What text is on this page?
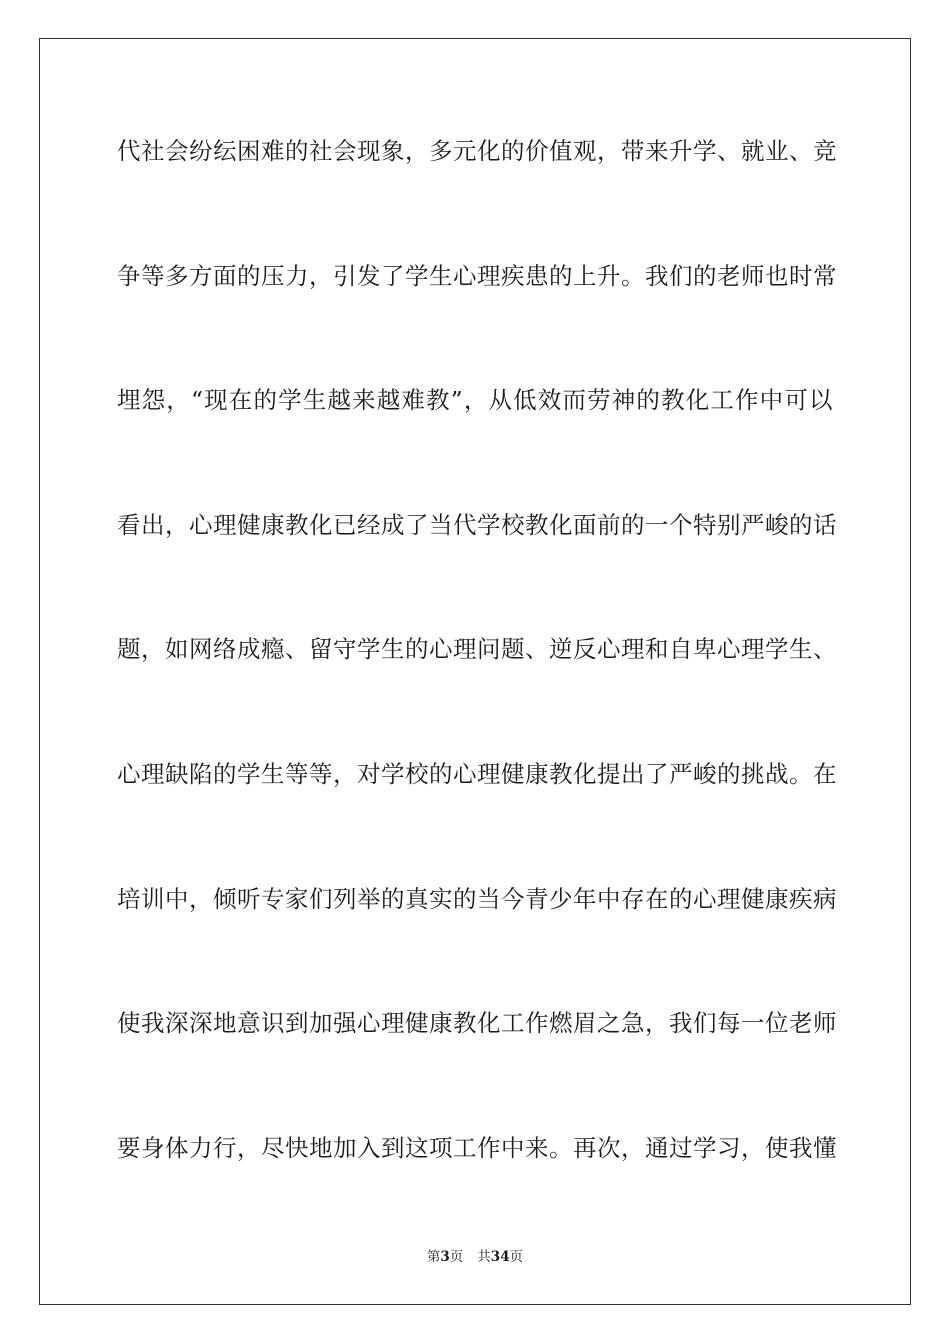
代社会纷纭困难的社会现象，多元化的价值观，带来升学、就业、竞
争等多方面的压力，引发了学生心理疾患的上升。我们的老师也时常
埋怨，“现在的学生越来越难教”，从低效而劳神的教化工作中可以
看出，心理健康教化已经成了当代学校教化面前的一个特别严峻的话
题，如网络成瘾、留守学生的心理问题、逆反心理和自卑心理学生、
心理缺陷的学生等等，对学校的心理健康教化提出了严峻的挑战。在
培训中，倾听专家们列举的真实的当今青少年中存在的心理健康疾病
使我深深地意识到加强心理健康教化工作燃眉之急，我们每一位老师
要身体力行，尽快地加入到这项工作中来。再次，通过学习，使我懂
第3页 共34页
